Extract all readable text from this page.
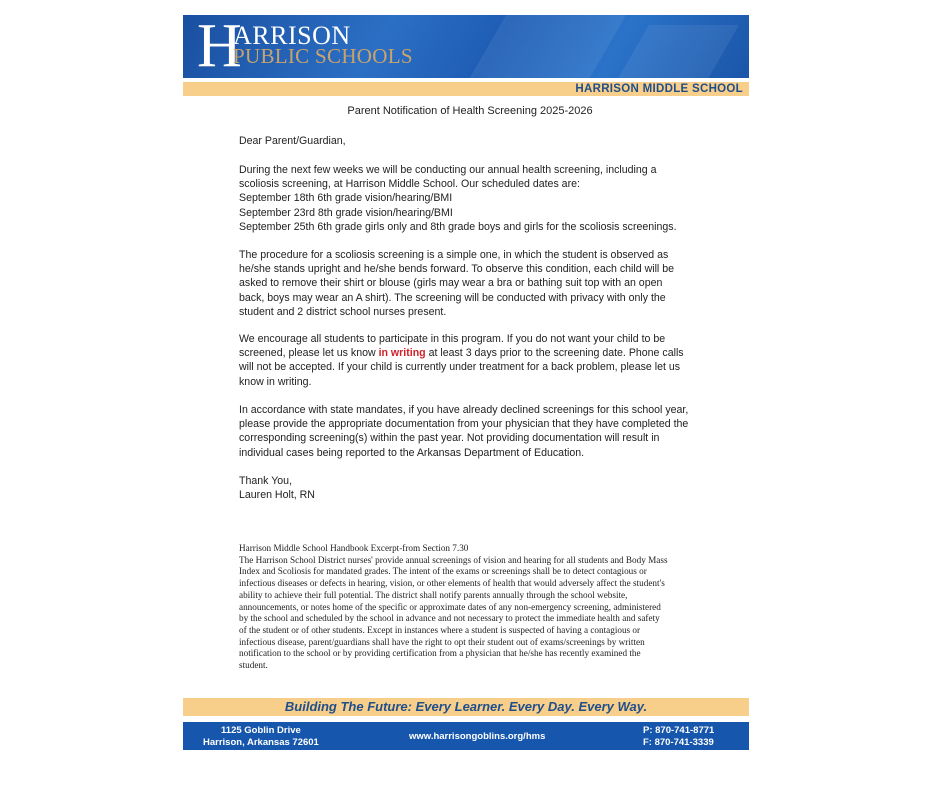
H
ARRISON
PUBLIC SCHOOLS
HARRISON MIDDLE SCHOOL
Parent Notification of Health Screening 2025-2026
Dear Parent/Guardian,
During the next few weeks we will be conducting our annual health screening, including a
scoliosis screening, at Harrison Middle School. Our scheduled dates are:
September 18th 6th grade vision/hearing/BMI
September 23rd 8th grade vision/hearing/BMI
September 25th 6th grade girls only and 8th grade boys and girls for the scoliosis screenings.
The procedure for a scoliosis screening is a simple one, in which the student is observed as
he/she stands upright and he/she bends forward. To observe this condition, each child will be
asked to remove their shirt or blouse (girls may wear a bra or bathing suit top with an open
back, boys may wear an A shirt). The screening will be conducted with privacy with only the
student and 2 district school nurses present.
We encourage all students to participate in this program. If you do not want your child to be
screened, please let us know in writing at least 3 days prior to the screening date. Phone calls
will not be accepted. If your child is currently under treatment for a back problem, please let us
know in writing.
In accordance with state mandates, if you have already declined screenings for this school year,
please provide the appropriate documentation from your physician that they have completed the
corresponding screening(s) within the past year. Not providing documentation will result in
individual cases being reported to the Arkansas Department of Education.
Thank You,
Lauren Holt, RN
Harrison Middle School Handbook Excerpt-from Section 7.30
The Harrison School District nurses' provide annual screenings of vision and hearing for all students and Body Mass
Index and Scoliosis for mandated grades. The intent of the exams or screenings shall be to detect contagious or
infectious diseases or defects in hearing, vision, or other elements of health that would adversely affect the student's
ability to achieve their full potential. The district shall notify parents annually through the school website,
announcements, or notes home of the specific or approximate dates of any non-emergency screening, administered
by the school and scheduled by the school in advance and not necessary to protect the immediate health and safety
of the student or of other students. Except in instances where a student is suspected of having a contagious or
infectious disease, parent/guardians shall have the right to opt their student out of exams/screenings by written
notification to the school or by providing certification from a physician that he/she has recently examined the
student.
Building The Future: Every Learner. Every Day. Every Way.
1125 Goblin Drive
Harrison, Arkansas 72601
www.harrisongoblins.org/hms
P: 870-741-8771
F: 870-741-3339
